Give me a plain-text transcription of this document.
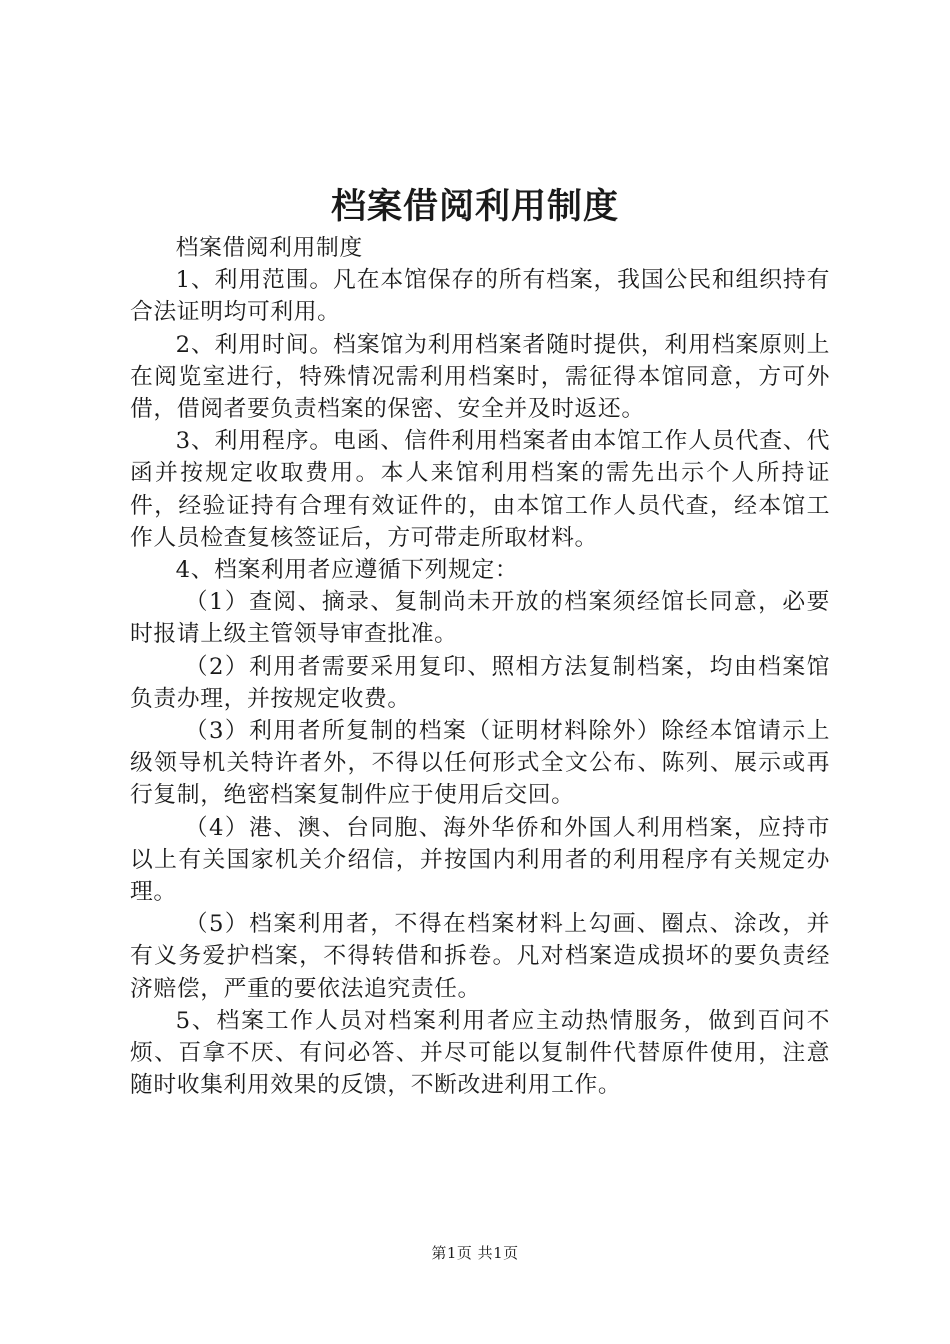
档案借阅利用制度

档案借阅利用制度

1、利用范围。凡在本馆保存的所有档案，我国公民和组织持有合法证明均可利用。

2、利用时间。档案馆为利用档案者随时提供，利用档案原则上在阅览室进行，特殊情况需利用档案时，需征得本馆同意，方可外借，借阅者要负责档案的保密、安全并及时返还。

3、利用程序。电函、信件利用档案者由本馆工作人员代查、代函并按规定收取费用。本人来馆利用档案的需先出示个人所持证件，经验证持有合理有效证件的，由本馆工作人员代查，经本馆工作人员检查复核签证后，方可带走所取材料。

4、档案利用者应遵循下列规定：

（1）查阅、摘录、复制尚未开放的档案须经馆长同意，必要时报请上级主管领导审查批准。

（2）利用者需要采用复印、照相方法复制档案，均由档案馆负责办理，并按规定收费。

（3）利用者所复制的档案（证明材料除外）除经本馆请示上级领导机关特许者外，不得以任何形式全文公布、陈列、展示或再行复制，绝密档案复制件应于使用后交回。

（4）港、澳、台同胞、海外华侨和外国人利用档案，应持市以上有关国家机关介绍信，并按国内利用者的利用程序有关规定办理。

（5）档案利用者，不得在档案材料上勾画、圈点、涂改，并有义务爱护档案，不得转借和拆卷。凡对档案造成损坏的要负责经济赔偿，严重的要依法追究责任。

5、档案工作人员对档案利用者应主动热情服务，做到百问不烦、百拿不厌、有问必答、并尽可能以复制件代替原件使用，注意随时收集利用效果的反馈，不断改进利用工作。

第1页 共1页
